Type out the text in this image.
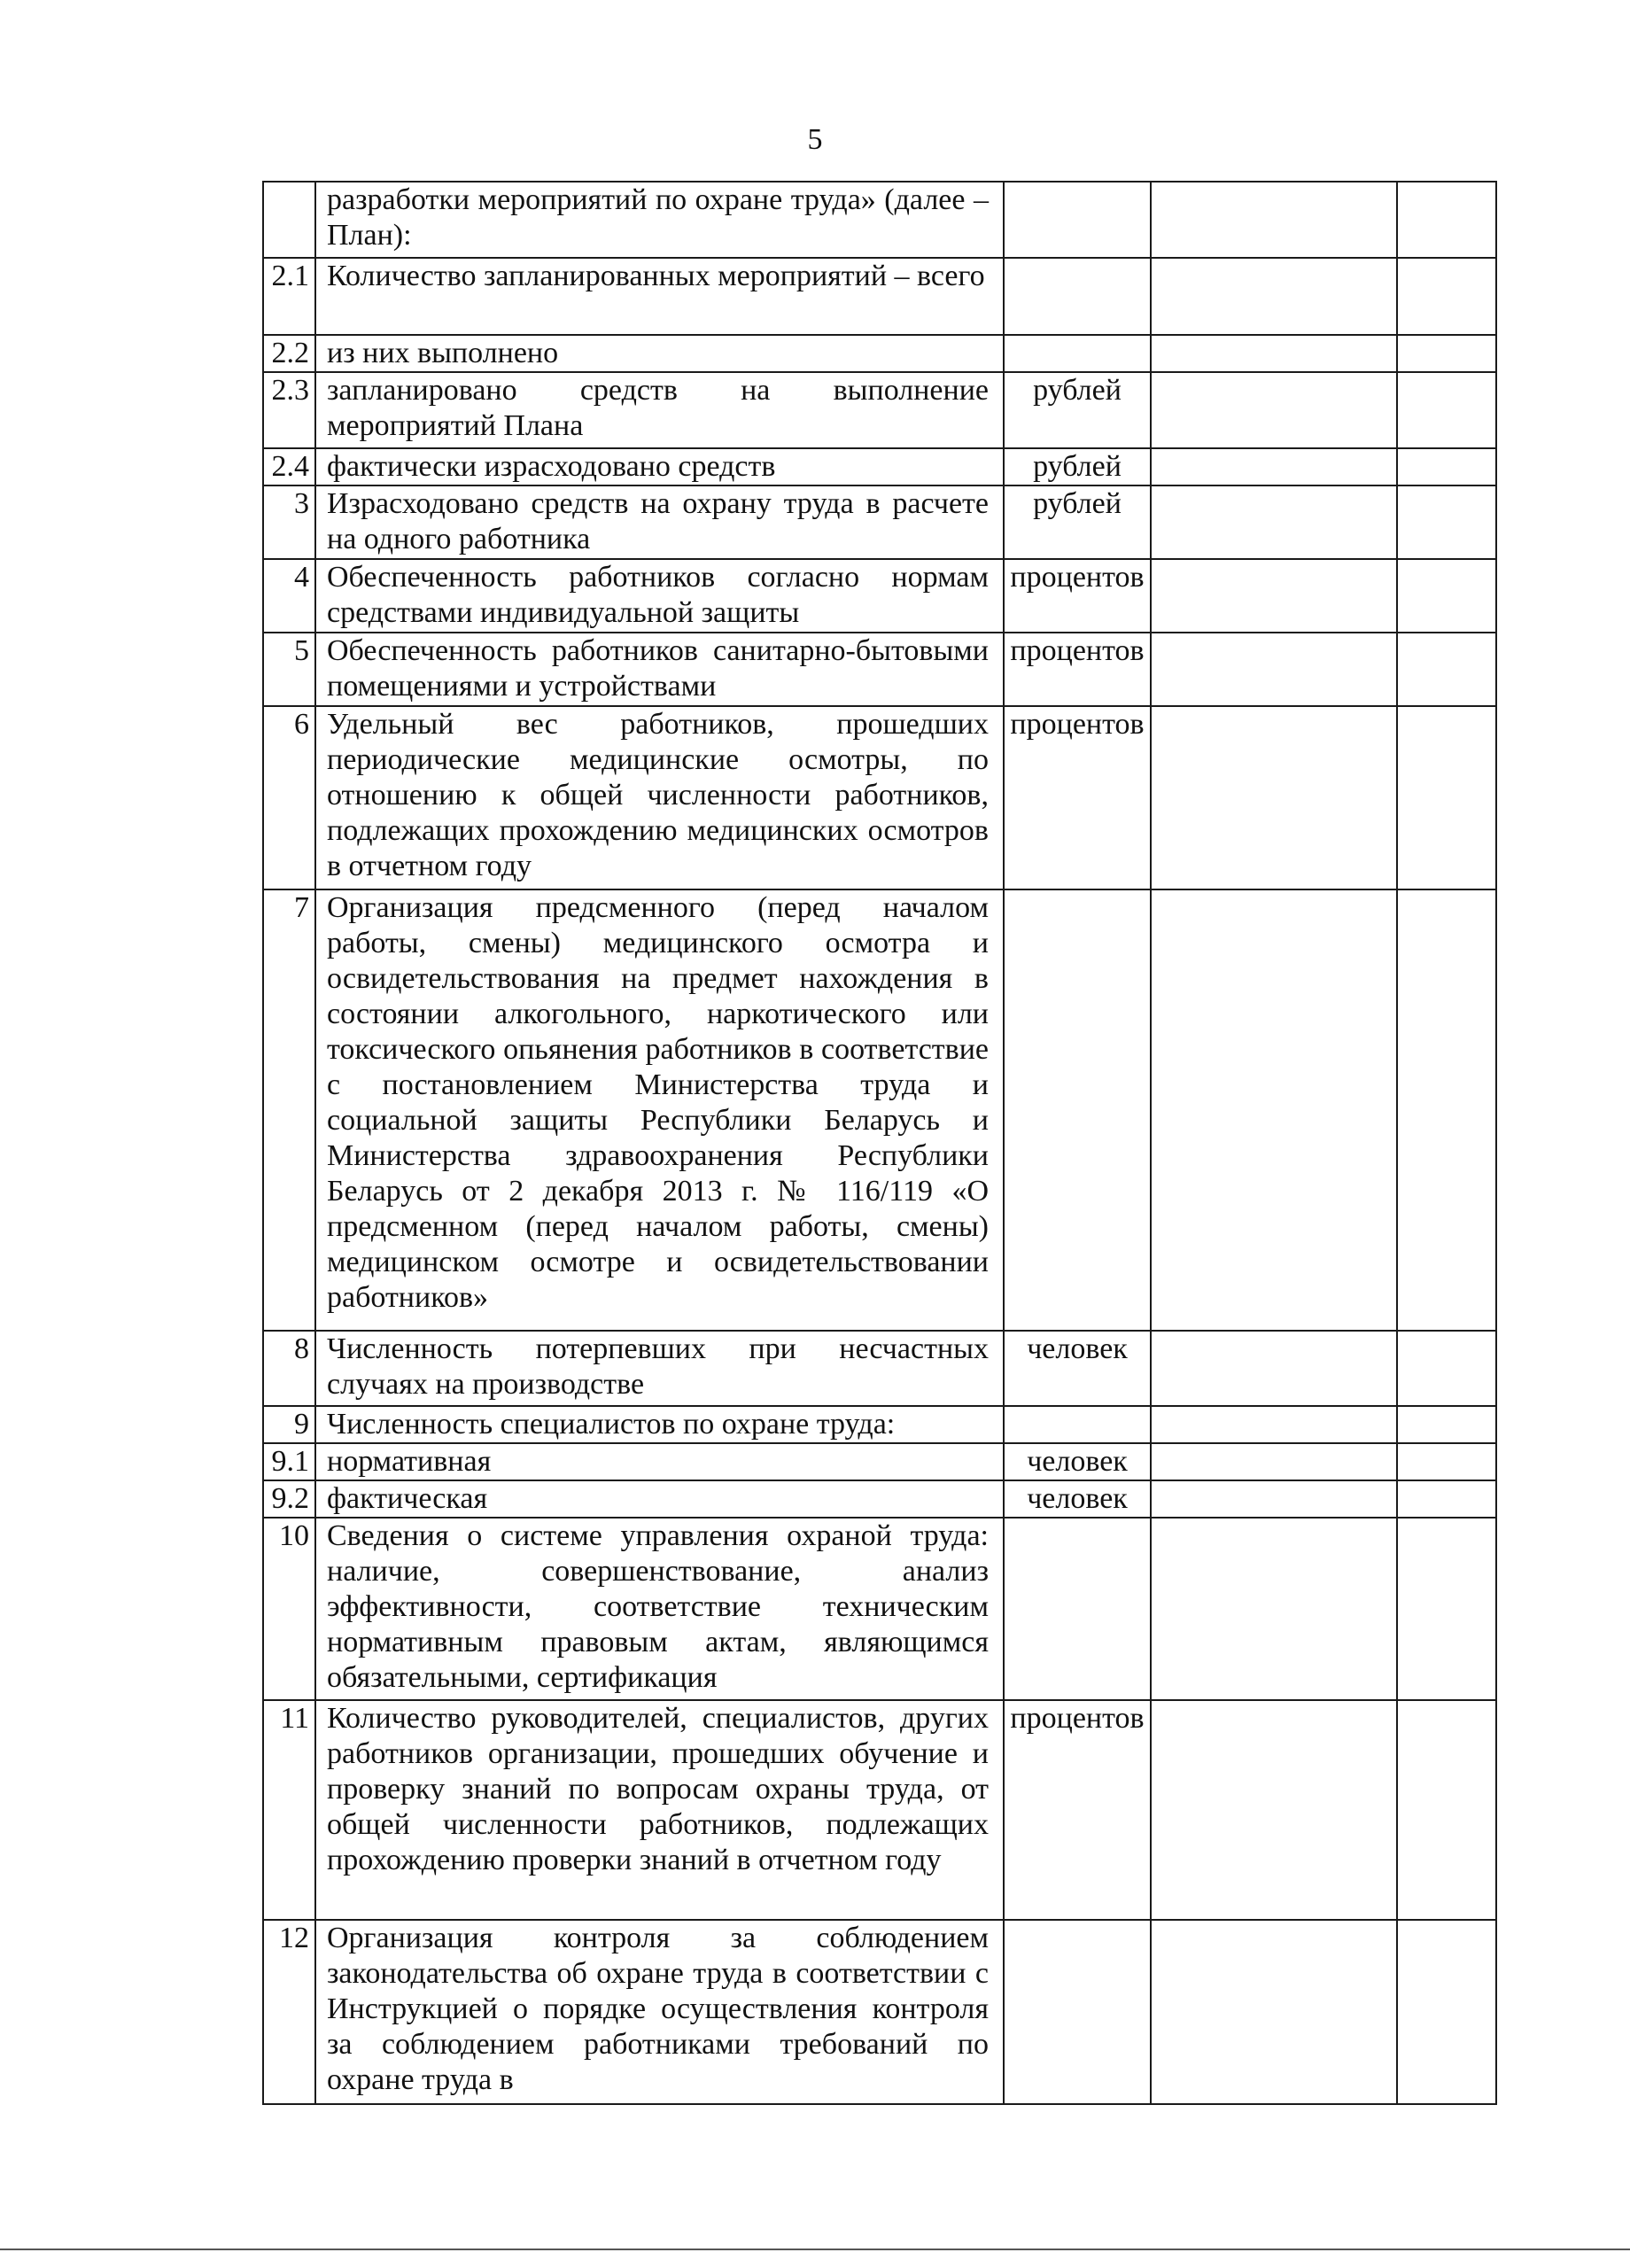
5
	разработки мероприятий по охране труда» (далее – План):			
2.1	Количество запланированных мероприятий – всего			
2.2	из них выполнено			
2.3	запланировано средств на выполнение мероприятий Плана	рублей		
2.4	фактически израсходовано средств	рублей		
3	Израсходовано средств на охрану труда в расчете на одного работника	рублей		
4	Обеспеченность работников согласно нормам средствами индивидуальной защиты	процентов		
5	Обеспеченность работников санитарно-бытовыми помещениями и устройствами	процентов		
6	Удельный вес работников, прошедших периодические медицинские осмотры, по отношению к общей численности работников, подлежащих прохождению медицинских осмотров в отчетном году	процентов		
7	Организация предсменного (перед началом работы, смены) медицинского осмотра и освидетельствования на предмет нахождения в состоянии алкогольного, наркотического или токсического опьянения работников в соответствие с постановлением Министерства труда и социальной защиты Республики Беларусь и Министерства здравоохранения Республики Беларусь от 2 декабря 2013 г. № 116/119 «О предсменном (перед началом работы, смены) медицинском осмотре и освидетельствовании работников»			
8	Численность потерпевших при несчастных случаях на производстве	человек		
9	Численность специалистов по охране труда:			
9.1	нормативная	человек		
9.2	фактическая	человек		
10	Сведения о системе управления охраной труда: наличие, совершенствование, анализ эффективности, соответствие техническим нормативным правовым актам, являющимся обязательными, сертификация			
11	Количество руководителей, специалистов, других работников организации, прошедших обучение и проверку знаний по вопросам охраны труда, от общей численности работников, подлежащих прохождению проверки знаний в отчетном году	процентов		
12	Организация контроля за соблюдением законодательства об охране труда в соответствии с Инструкцией о порядке осуществления контроля за соблюдением работниками требований по охране труда в			
